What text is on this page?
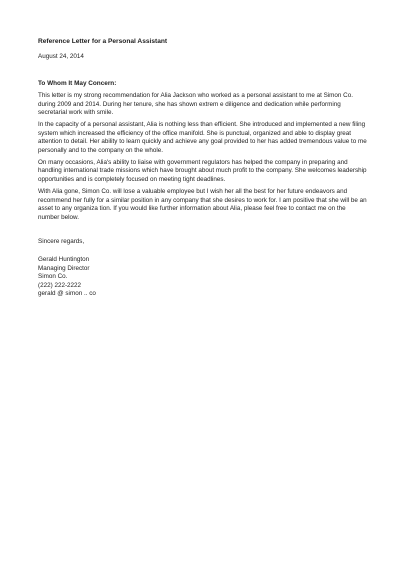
Reference Letter for a Personal Assistant
August 24, 2014
To Whom It May Concern:

This letter is my strong recommendation for Alia Jackson who worked as a personal assistant to me at Simon Co. during 2009 and 2014. During her tenure, she has shown extrem e diligence and dedication while performing secretarial work with smile.

In the capacity of a personal assistant, Alia is nothing less than efficient. She introduced and implemented a new filing system which increased the efficiency of the office manifold. She is punctual, organized and able to display great attention to detail. Her ability to learn quickly and achieve any goal provided to her has added tremendous value to me personally and to the company on the whole.

On many occasions, Alia's ability to liaise with government regulators has helped the company in preparing and handling international trade missions which have brought about much profit to the company. She welcomes leadership opportunities and is completely focused on meeting tight deadlines.

With Alia gone, Simon Co. will lose a valuable employee but I wish her all the best for her future endeavors and recommend her fully for a similar position in any company that she desires to work for. I am positive that she will be an asset to any organiza tion. If you would like further information about Alia, please feel free to contact me on the number below.

Sincere regards,
Gerald Huntington
Managing Director
Simon Co.
(222) 222-2222
gerald @ simon .. co
